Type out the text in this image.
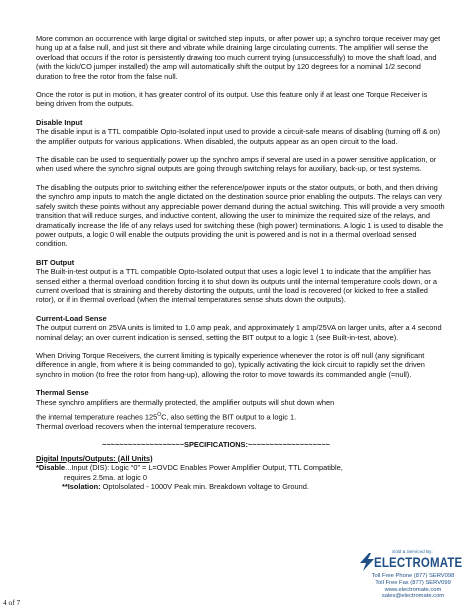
More common an occurrence with large digital or switched step inputs, or after power up; a synchro torque receiver may get hung up at a false null, and just sit there and vibrate while draining large circulating currents. The amplifier will sense the overload that occurs if the rotor is persistently drawing too much current trying (unsuccessfully) to move the shaft load, and (with the kick/CO jumper installed) the amp will automatically shift the output by 120 degrees for a nominal 1/2 second duration to free the rotor from the false null.

Once the rotor is put in motion, it has greater control of its output. Use this feature only if at least one Torque Receiver is being driven from the outputs.

Disable Input

The disable input is a TTL compatible Opto-Isolated input used to provide a circuit-safe means of disabling (turning off & on) the amplifier outputs for various applications. When disabled, the outputs appear as an open circuit to the load.

The disable can be used to sequentially power up the synchro amps if several are used in a power sensitive application, or when used where the synchro signal outputs are going through switching relays for auxiliary, back-up, or test systems.

The disabling the outputs prior to switching either the reference/power inputs or the stator outputs, or both, and then driving the synchro amp inputs to match the angle dictated on the destination source prior enabling the outputs. The relays can very safely switch these points without any appreciable power demand during the actual switching. This will provide a very smooth transition that will reduce surges, and inductive content, allowing the user to minimize the required size of the relays, and dramatically increase the life of any relays used for switching these (high power) terminations. A logic 1 is used to disable the power outputs, a logic 0 will enable the outputs providing the unit is powered and is not in a thermal overload sensed condition.

BIT Output

The Built-in-test output is a TTL compatible Opto-Isolated output that uses a logic level 1 to indicate that the amplifier has sensed either a thermal overload condition forcing it to shut down its outputs until the internal temperature cools down, or a current overload that is straining and thereby distorting the outputs, until the load is recovered (or kicked to free a stalled rotor), or if in thermal overload (when the internal temperatures sense shuts down the outputs).

Current-Load Sense

The output current on 25VA units is limited to 1.0 amp peak, and approximately 1 amp/25VA on larger units, after a 4 second nominal delay; an over current indication is sensed, setting the BIT output to a logic 1 (see Built-in-test, above).

When Driving Torque Receivers, the current limiting is typically experience whenever the rotor is off null (any significant difference in angle, from where it is being commanded to go), typically activating the kick circuit to rapidly set the driven synchro in motion (to free the rotor from hang-up), allowing the rotor to move towards its commanded angle (=null).

Thermal Sense

These synchro amplifiers are thermally protected, the amplifier outputs will shut down when

the internal temperature reaches $125^OC$, also setting the BIT output to a logic 1.

Thermal overload recovers when the internal temperature recovers.

~~~~~~~~~~~~~~~~~~~SPECIFICATIONS:~~~~~~~~~~~~~~~~~~~

Digital Inputs/Outputs: (All Units)

*Disable...Input (DIS): Logic “0” = L=OVDC Enables Power Amplifier Output, TTL Compatible,

requires 2.5ma. at logic 0

**Isolation: Optolsolated - 1000V Peak min. Breakdown voltage to Ground.

4 of 7
Sold & Serviced By:
ELECTROMATE
Toll Free Phone (877) SERV098
Toll Free Fax (877) SERV099
www.electromate.com
sales@electromate.com
